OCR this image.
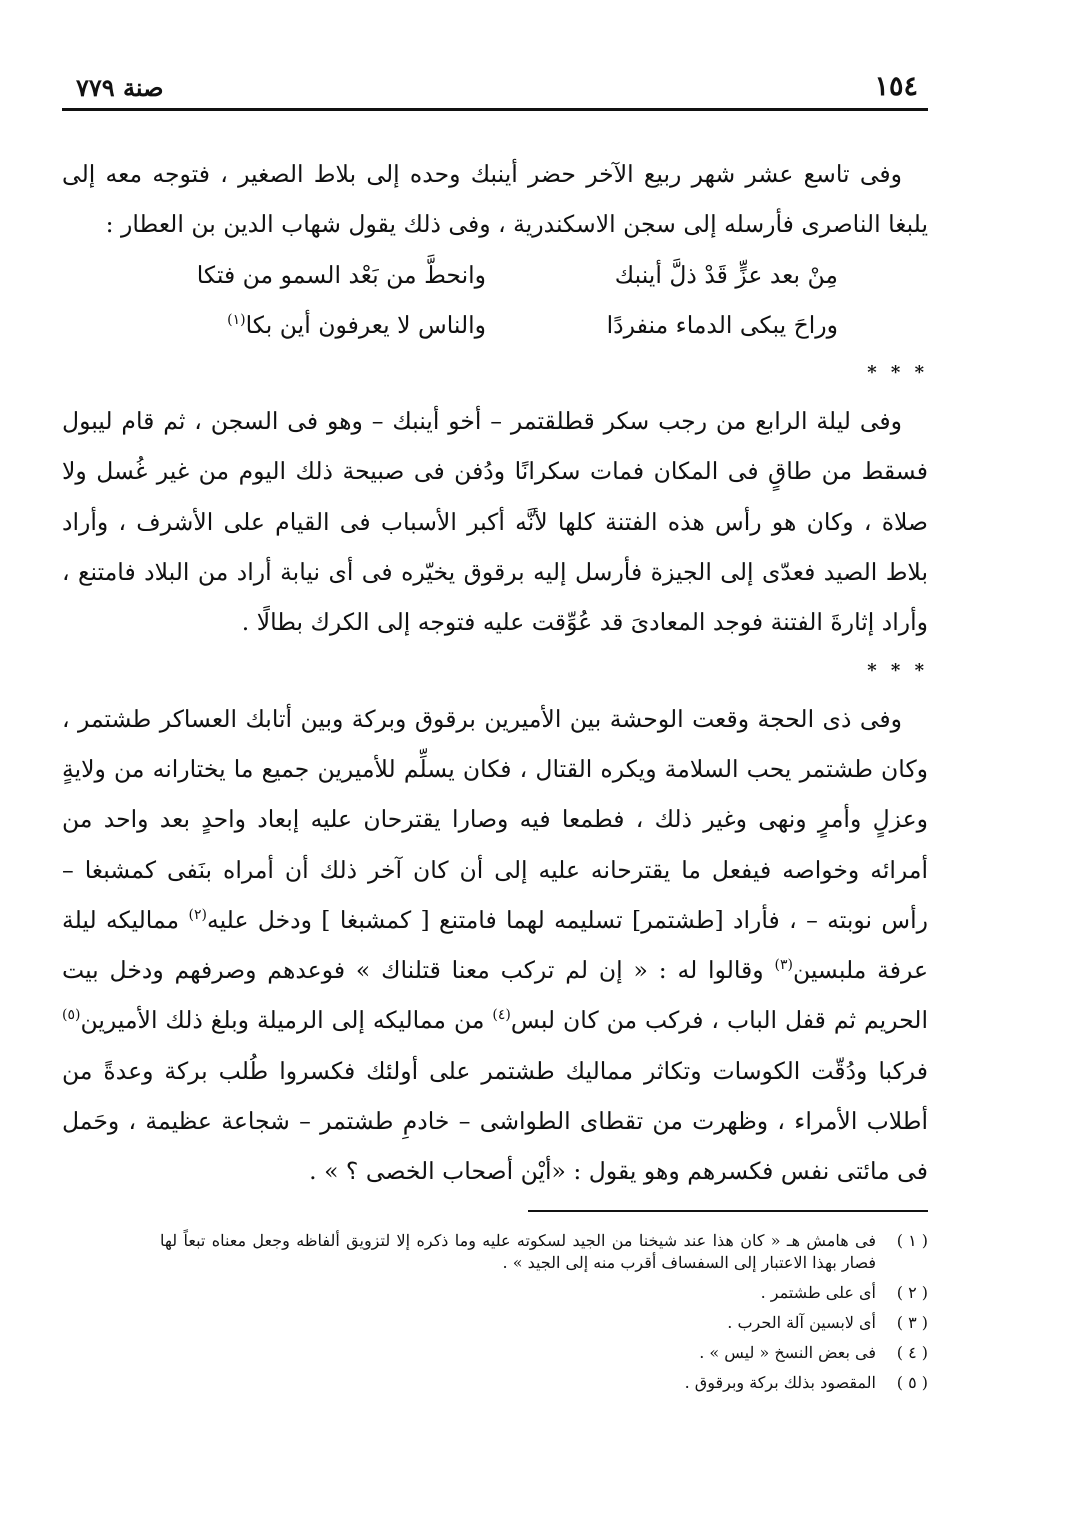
١٥٤
صنة ٧٧٩

وفى تاسع عشر شهر ربيع الآخر حضر أينبك وحده إلى بلاط الصغير ، فتوجه معه إلى يلبغا الناصرى فأرسله إلى سجن الاسكندرية ، وفى ذلك يقول شهاب الدين بن العطار :

مِنْ بعد عزٍّ قَدْ ذلَّ أينبك
وانحطَّ من بَعْد السمو من فتكا
وراحَ يبكى الدماء منفردًا
والناس لا يعرفون أين بكا$^{(١)}$
* * *

وفى ليلة الرابع من رجب سكر قطلقتمر – أخو أينبك – وهو فى السجن ، ثم قام ليبول فسقط من طاقٍ فى المكان فمات سكرانًا ودُفن فى صبيحة ذلك اليوم من غير غُسل ولا صلاة ، وكان هو رأس هذه الفتنة كلها لأنَّه أكبر الأسباب فى القيام على الأشرف ، وأراد بلاط الصيد فعدّى إلى الجيزة فأرسل إليه برقوق يخيّره فى أى نيابة أراد من البلاد فامتنع ، وأراد إثارةَ الفتنة فوجد المعادىَ قد عُوِّقت عليه فتوجه إلى الكرك بطالًا .

* * *

وفى ذى الحجة وقعت الوحشة بين الأميرين برقوق وبركة وبين أتابك العساكر طشتمر ، وكان طشتمر يحب السلامة ويكره القتال ، فكان يسلِّم للأميرين جميع ما يختارانه من ولايةٍ وعزلٍ وأمرٍ ونهى وغير ذلك ، فطمعا فيه وصارا يقترحان عليه إبعاد واحدٍ بعد واحد من أمرائه وخواصه فيفعل ما يقترحانه عليه إلى أن كان آخر ذلك أن أمراه بنَفى كمشبغا – رأس نوبته – ، فأراد [طشتمر] تسليمه لهما فامتنع [ كمشبغا ] ودخل عليه$^{(٢)}$ مماليكه ليلة عرفة ملبسين$^{(٣)}$ وقالوا له : « إن لم تركب معنا قتلناك » فوعدهم وصرفهم ودخل بيت الحريم ثم قفل الباب ، فركب من كان لبس$^{(٤)}$ من مماليكه إلى الرميلة وبلغ ذلك الأميرين$^{(٥)}$ فركبا ودُقّت الكوسات وتكاثر مماليك طشتمر على أولئك فكسروا طُلب بركة وعدةً من أطلاب الأمراء ، وظهرت من تقطاى الطواشى – خادمِ طشتمر – شجاعة عظيمة ، وحَمل فى مائتى نفس فكسرهم وهو يقول : «أيْن أصحاب الخصى ؟ » .

( ١ )
فى هامش هـ « كان هذا عند شيخنا من الجيد لسكوته عليه وما ذكره إلا لتزويق ألفاظه وجعل معناه تبعاً لها فصار بهذا الاعتبار إلى السفساف أقرب منه إلى الجيد » .
( ٢ )
أى على طشتمر .
( ٣ )
أى لابسين آلة الحرب .
( ٤ )
فى بعض النسخ « ليس » .
( ٥ )
المقصود بذلك بركة وبرقوق .
